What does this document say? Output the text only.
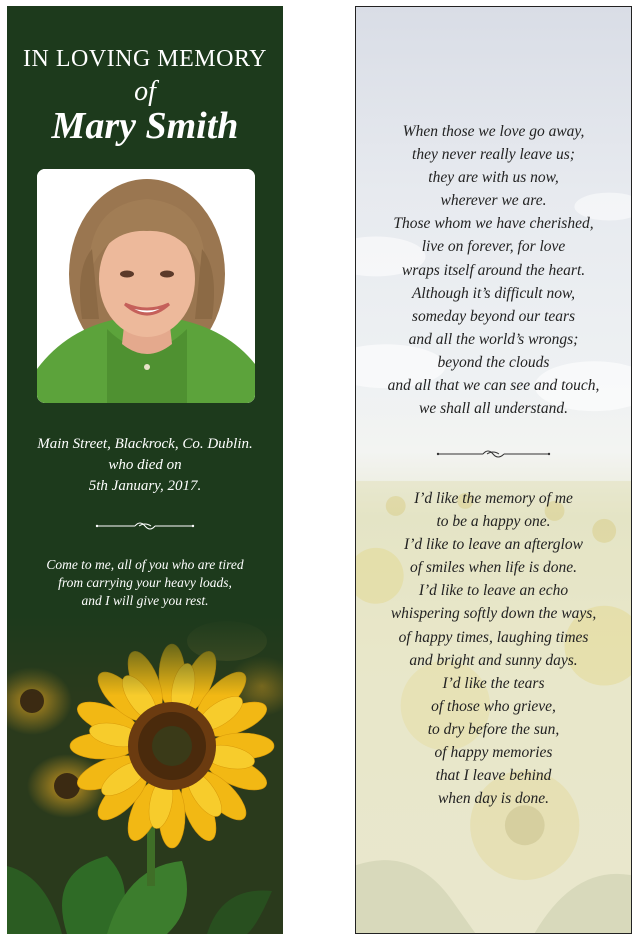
IN LOVING MEMORY
of
Mary Smith
Main Street, Blackrock, Co. Dublin.
who died on
5th January, 2017.
Come to me, all of you who are tired
from carrying your heavy loads,
and I will give you rest.
When those we love go away,
they never really leave us;
they are with us now,
wherever we are.
Those whom we have cherished,
live on forever, for love
wraps itself around the heart.
Although it’s difficult now,
someday beyond our tears
and all the world’s wrongs;
beyond the clouds
and all that we can see and touch,
we shall all understand.
I’d like the memory of me
to be a happy one.
I’d like to leave an afterglow
of smiles when life is done.
I’d like to leave an echo
whispering softly down the ways,
of happy times, laughing times
and bright and sunny days.
I’d like the tears
of those who grieve,
to dry before the sun,
of happy memories
that I leave behind
when day is done.
